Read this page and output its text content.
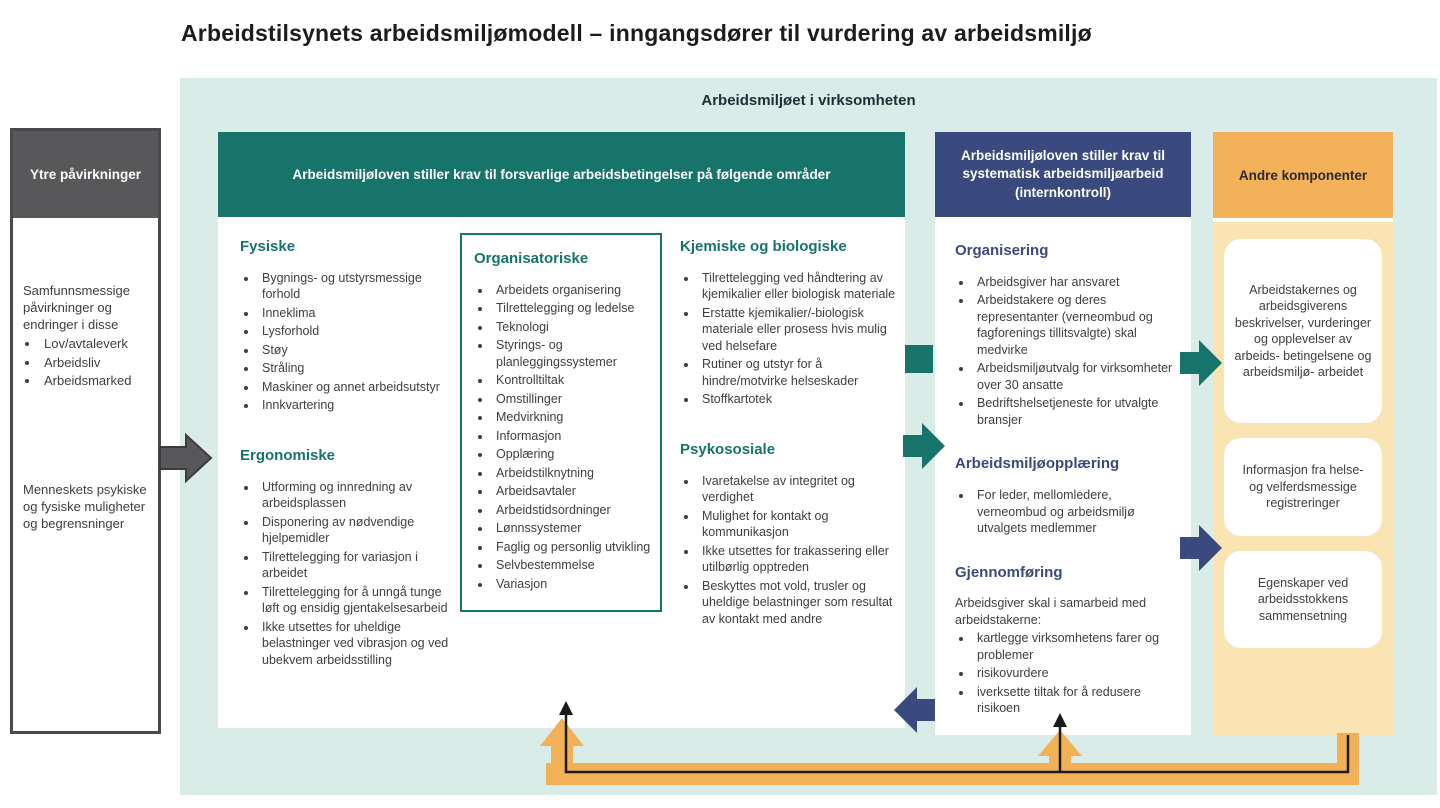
Arbeidstilsynets arbeidsmiljømodell – inngangsdører til vurdering av arbeidsmiljø
Arbeidsmiljøet i virksomheten
Ytre påvirkninger
Samfunnsmessige påvirkninger og endringer i disse
• Lov/avtaleverk
• Arbeidsliv
• Arbeidsmarked
Menneskets psykiske og fysiske muligheter og begrensninger
Arbeidsmiljøloven stiller krav til forsvarlige arbeidsbetingelser på følgende områder
Fysiske
• Bygnings- og utstyrsmessige forhold
• Inneklima
• Lysforhold
• Støy
• Stråling
• Maskiner og annet arbeidsutstyr
• Innkvartering
Ergonomiske
• Utforming og innredning av arbeidsplassen
• Disponering av nødvendige hjelpemidler
• Tilrettelegging for variasjon i arbeidet
• Tilrettelegging for å unngå tunge løft og ensidig gjentakelsesarbeid
• Ikke utsettes for uheldige belastninger ved vibrasjon og ved ubekvem arbeidsstilling
Organisatoriske
• Arbeidets organisering
• Tilrettelegging og ledelse
• Teknologi
• Styrings- og planleggingssystemer
• Kontrolltiltak
• Omstillinger
• Medvirkning
• Informasjon
• Opplæring
• Arbeidstilknytning
• Arbeidsavtaler
• Arbeidstidsordninger
• Lønnssystemer
• Faglig og personlig utvikling
• Selvbestemmelse
• Variasjon
Kjemiske og biologiske
• Tilrettelegging ved håndtering av kjemikalier eller biologisk materiale
• Erstatte kjemikalier/-biologisk materiale eller prosess hvis mulig ved helsefare
• Rutiner og utstyr for å hindre/motvirke helseskader
• Stoffkartotek
Psykososiale
• Ivaretakelse av integritet og verdighet
• Mulighet for kontakt og kommunikasjon
• Ikke utsettes for trakassering eller utilbørlig opptreden
• Beskyttes mot vold, trusler og uheldige belastninger som resultat av kontakt med andre
Arbeidsmiljøloven stiller krav til systematisk arbeidsmiljøarbeid (internkontroll)
Organisering
• Arbeidsgiver har ansvaret
• Arbeidstakere og deres representanter (verneombud og fagforenings tillitsvalgte) skal medvirke
• Arbeidsmiljøutvalg for virksomheter over 30 ansatte
• Bedriftshelsetjeneste for utvalgte bransjer
Arbeidsmiljøopplæring
• For leder, mellomledere, verneombud og arbeidsmiljø utvalgets medlemmer
Gjennomføring

Arbeidsgiver skal i samarbeid med arbeidstakerne:

• kartlegge virksomhetens farer og problemer
• risikovurdere
• iverksette tiltak for å redusere risikoen
Andre komponenter
Arbeidstakernes og arbeidsgiverens beskrivelser, vurderinger og opplevelser av arbeids- betingelsene og arbeidsmiljø- arbeidet
Informasjon fra helse- og velferdsmessige registreringer
Egenskaper ved arbeidsstokkens sammensetning
